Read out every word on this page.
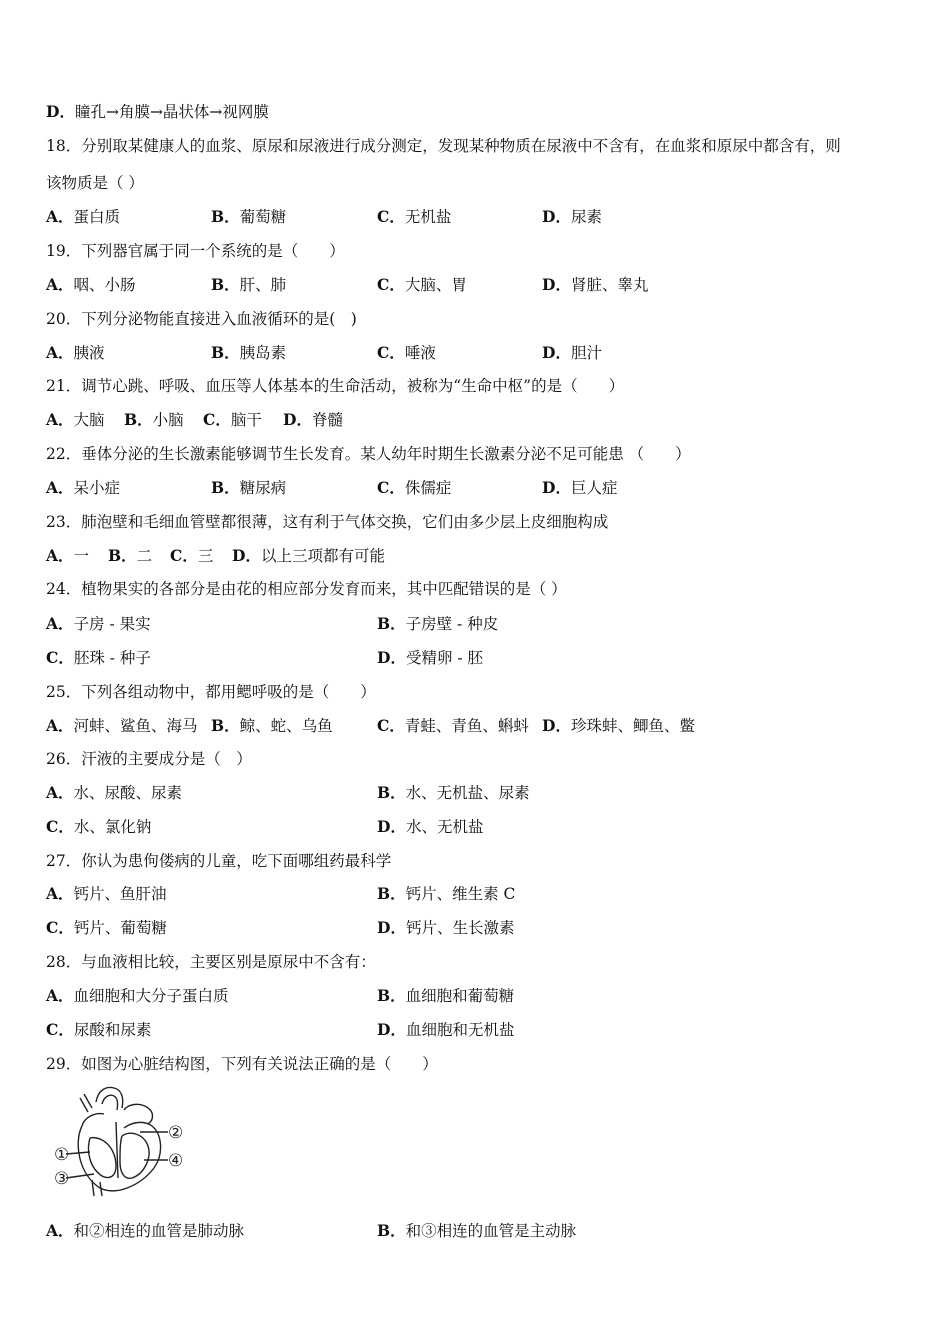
D．瞳孔→角膜→晶状体→视网膜
18．分别取某健康人的血浆、原尿和尿液进行成分测定，发现某种物质在尿液中不含有，在血浆和原尿中都含有，则
该物质是（ ）
A．蛋白质	B．葡萄糖	C．无机盐	D．尿素
19．下列器官属于同一个系统的是（　　）
A．咽、小肠	B．肝、肺	C．大脑、胃	D．肾脏、睾丸
20．下列分泌物能直接进入血液循环的是(　)
A．胰液	B．胰岛素	C．唾液	D．胆汁
21．调节心跳、呼吸、血压等人体基本的生命活动，被称为“生命中枢”的是（　　）
A．大脑 B．小脑 C．脑干 D．脊髓
22．垂体分泌的生长激素能够调节生长发育。某人幼年时期生长激素分泌不足可能患 （　　）
A．呆小症	B．糖尿病	C．侏儒症	D．巨人症
23．肺泡壁和毛细血管壁都很薄，这有利于气体交换，它们由多少层上皮细胞构成
A．一 B．二 C．三 D．以上三项都有可能
24．植物果实的各部分是由花的相应部分发育而来，其中匹配错误的是（ ）
A．子房 - 果实	B．子房壁 - 种皮
C．胚珠 - 种子	D．受精卵 - 胚
25．下列各组动物中，都用鳃呼吸的是（　　）
A．河蚌、鲨鱼、海马 B．鲸、蛇、乌鱼	C．青蛙、青鱼、蝌蚪 D．珍珠蚌、鲫鱼、鳖
26．汗液的主要成分是（　）
A．水、尿酸、尿素	B．水、无机盐、尿素
C．水、氯化钠	D．水、无机盐
27．你认为患佝偻病的儿童，吃下面哪组药最科学
A．钙片、鱼肝油	B．钙片、维生素 C
C．钙片、葡萄糖	D．钙片、生长激素
28．与血液相比较，主要区别是原尿中不含有：
A．血细胞和大分子蛋白质	B．血细胞和葡萄糖
C．尿酸和尿素	D．血细胞和无机盐
29．如图为心脏结构图，下列有关说法正确的是（　　）
①
②
③
④
A．和②相连的血管是肺动脉	B．和③相连的血管是主动脉
